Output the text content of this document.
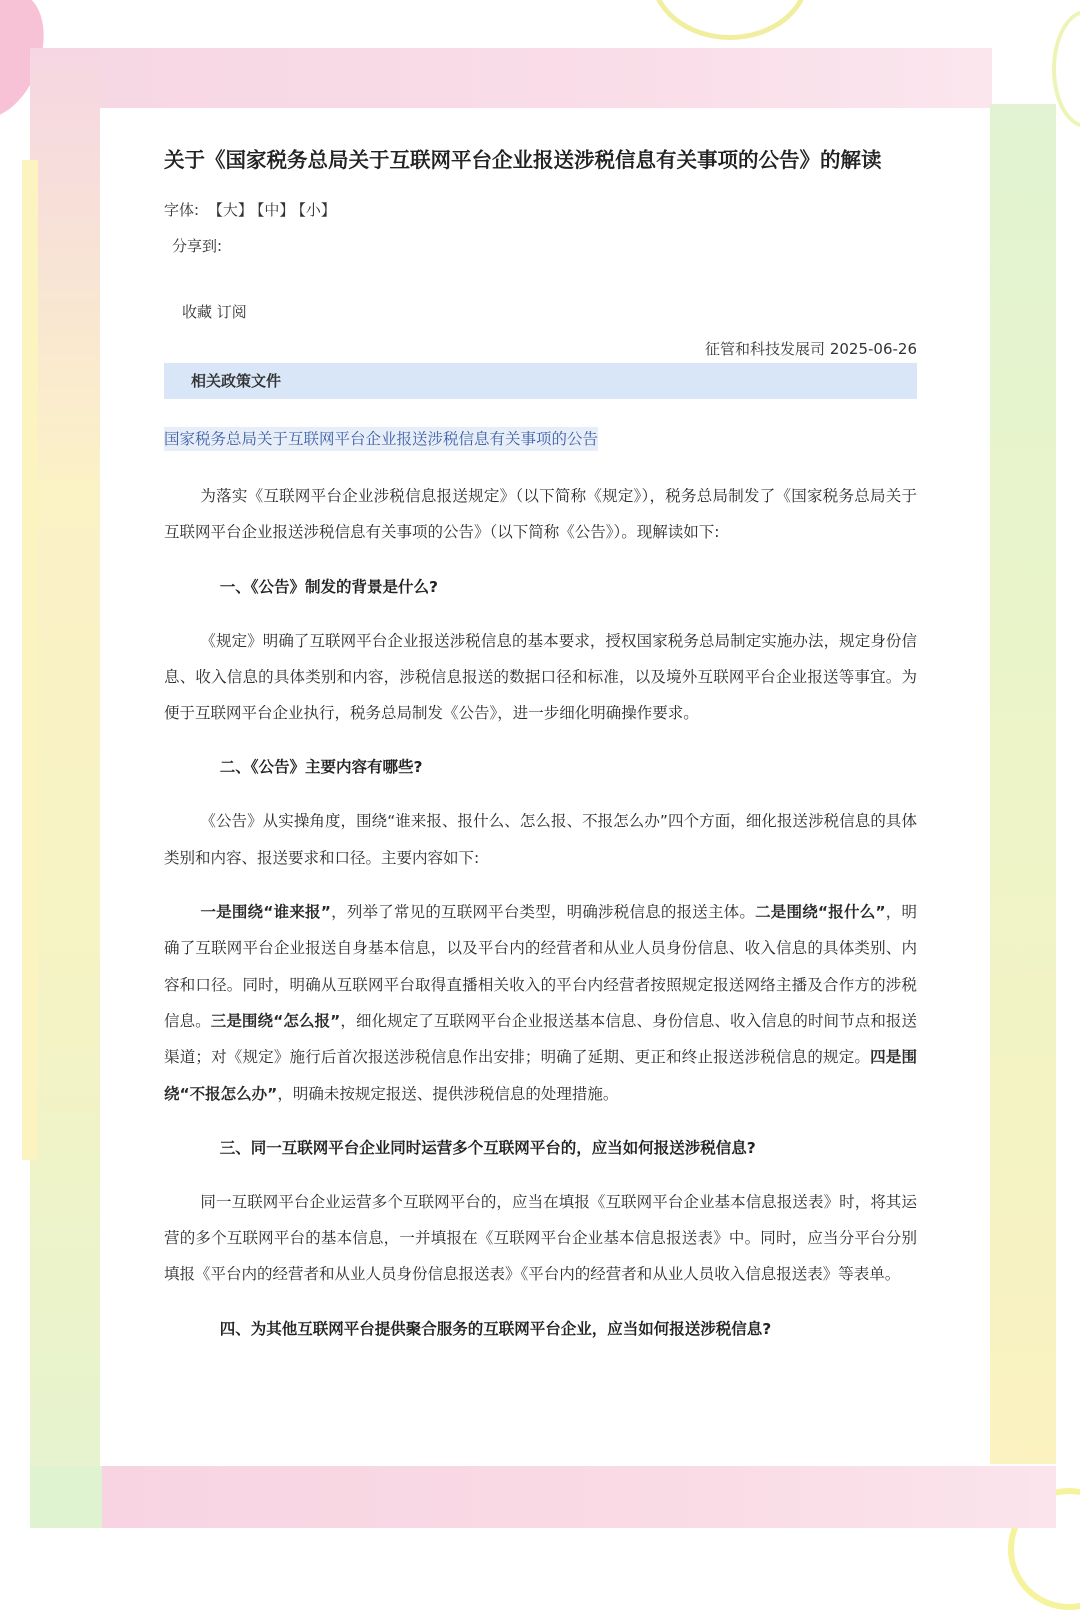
关于《国家税务总局关于互联网平台企业报送涉税信息有关事项的公告》的解读
字体: 【大】 【中】 【小】
分享到:
收藏 订阅
征管和科技发展司 2025-06-26
相关政策文件
国家税务总局关于互联网平台企业报送涉税信息有关事项的公告

为落实《互联网平台企业涉税信息报送规定》（以下简称《规定》），税务总局制发了《国家税务总局关于互联网平台企业报送涉税信息有关事项的公告》（以下简称《公告》）。现解读如下:

一、《公告》制发的背景是什么?

《规定》明确了互联网平台企业报送涉税信息的基本要求，授权国家税务总局制定实施办法，规定身份信息、收入信息的具体类别和内容，涉税信息报送的数据口径和标准，以及境外互联网平台企业报送等事宜。为便于互联网平台企业执行，税务总局制发《公告》，进一步细化明确操作要求。

二、《公告》主要内容有哪些?

《公告》从实操角度，围绕“谁来报、报什么、怎么报、不报怎么办”四个方面，细化报送涉税信息的具体类别和内容、报送要求和口径。主要内容如下:

一是围绕“谁来报”，列举了常见的互联网平台类型，明确涉税信息的报送主体。二是围绕“报什么”，明确了互联网平台企业报送自身基本信息，以及平台内的经营者和从业人员身份信息、收入信息的具体类别、内容和口径。同时，明确从互联网平台取得直播相关收入的平台内经营者按照规定报送网络主播及合作方的涉税信息。三是围绕“怎么报”，细化规定了互联网平台企业报送基本信息、身份信息、收入信息的时间节点和报送渠道；对《规定》施行后首次报送涉税信息作出安排；明确了延期、更正和终止报送涉税信息的规定。四是围绕“不报怎么办”，明确未按规定报送、提供涉税信息的处理措施。

三、同一互联网平台企业同时运营多个互联网平台的，应当如何报送涉税信息?

同一互联网平台企业运营多个互联网平台的，应当在填报《互联网平台企业基本信息报送表》时，将其运营的多个互联网平台的基本信息，一并填报在《互联网平台企业基本信息报送表》中。同时，应当分平台分别填报《平台内的经营者和从业人员身份信息报送表》《平台内的经营者和从业人员收入信息报送表》等表单。

四、为其他互联网平台提供聚合服务的互联网平台企业，应当如何报送涉税信息?
